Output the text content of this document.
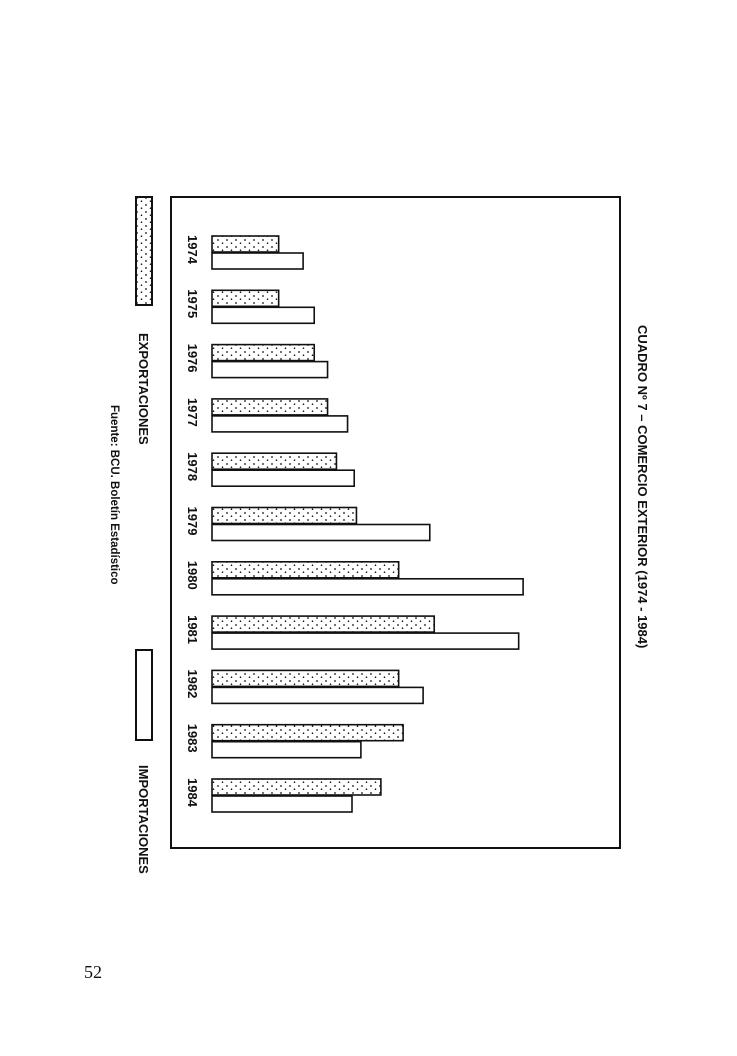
CUADRO Nº 7 – COMERCIO EXTERIOR (1974 - 1984)
1974
1975
1976
1977
1978
1979
1980
1981
1982
1983
1984
EXPORTACIONES
IMPORTACIONES
Fuente: BCU. Boletín Estadístico
52
